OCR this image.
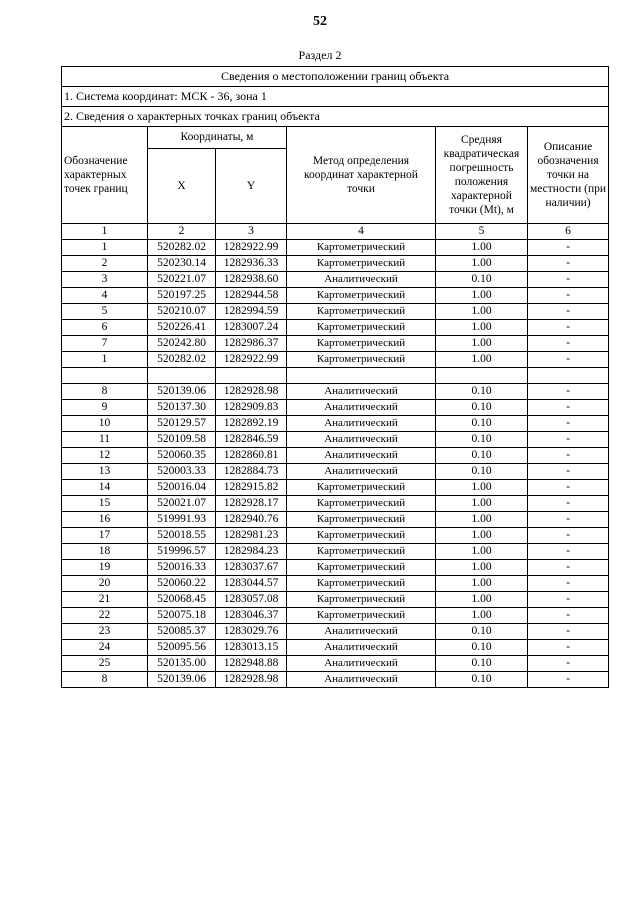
52
Раздел 2
Сведения о местоположении границ объекта					
1. Система координат: МСК - 36, зона 1					
2. Сведения о характерных точках границ объекта					
Обозначение характерных точек границ	Координаты, м		Метод определения координат характерной точки	Средняя квадратическая погрешность положения характерной точки (Mt), м	Описание обозначения точки на местности (при наличии)
	X	Y			
1	2	3	4	5	6
1	520282.02	1282922.99	Картометрический	1.00	-
2	520230.14	1282936.33	Картометрический	1.00	-
3	520221.07	1282938.60	Аналитический	0.10	-
4	520197.25	1282944.58	Картометрический	1.00	-
5	520210.07	1282994.59	Картометрический	1.00	-
6	520226.41	1283007.24	Картометрический	1.00	-
7	520242.80	1282986.37	Картометрический	1.00	-
1	520282.02	1282922.99	Картометрический	1.00	-

8	520139.06	1282928.98	Аналитический	0.10	-
9	520137.30	1282909.83	Аналитический	0.10	-
10	520129.57	1282892.19	Аналитический	0.10	-
11	520109.58	1282846.59	Аналитический	0.10	-
12	520060.35	1282860.81	Аналитический	0.10	-
13	520003.33	1282884.73	Аналитический	0.10	-
14	520016.04	1282915.82	Картометрический	1.00	-
15	520021.07	1282928.17	Картометрический	1.00	-
16	519991.93	1282940.76	Картометрический	1.00	-
17	520018.55	1282981.23	Картометрический	1.00	-
18	519996.57	1282984.23	Картометрический	1.00	-
19	520016.33	1283037.67	Картометрический	1.00	-
20	520060.22	1283044.57	Картометрический	1.00	-
21	520068.45	1283057.08	Картометрический	1.00	-
22	520075.18	1283046.37	Картометрический	1.00	-
23	520085.37	1283029.76	Аналитический	0.10	-
24	520095.56	1283013.15	Аналитический	0.10	-
25	520135.00	1282948.88	Аналитический	0.10	-
8	520139.06	1282928.98	Аналитический	0.10	-
